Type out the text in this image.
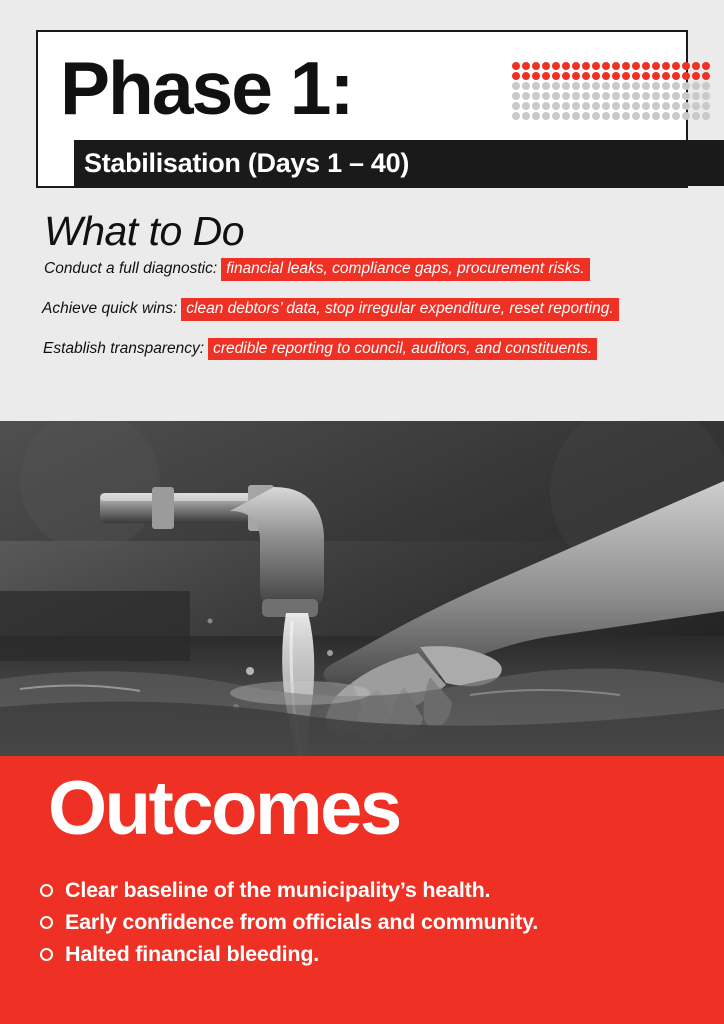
Phase 1:
Stabilisation (Days 1 – 40)
What to Do
Conduct a full diagnostic: financial leaks, compliance gaps, procurement risks.
Achieve quick wins: clean debtors’ data, stop irregular expenditure, reset reporting.
Establish transparency: credible reporting to council, auditors, and constituents.
Outcomes
Clear baseline of the municipality’s health.
Early confidence from officials and community.
Halted financial bleeding.
